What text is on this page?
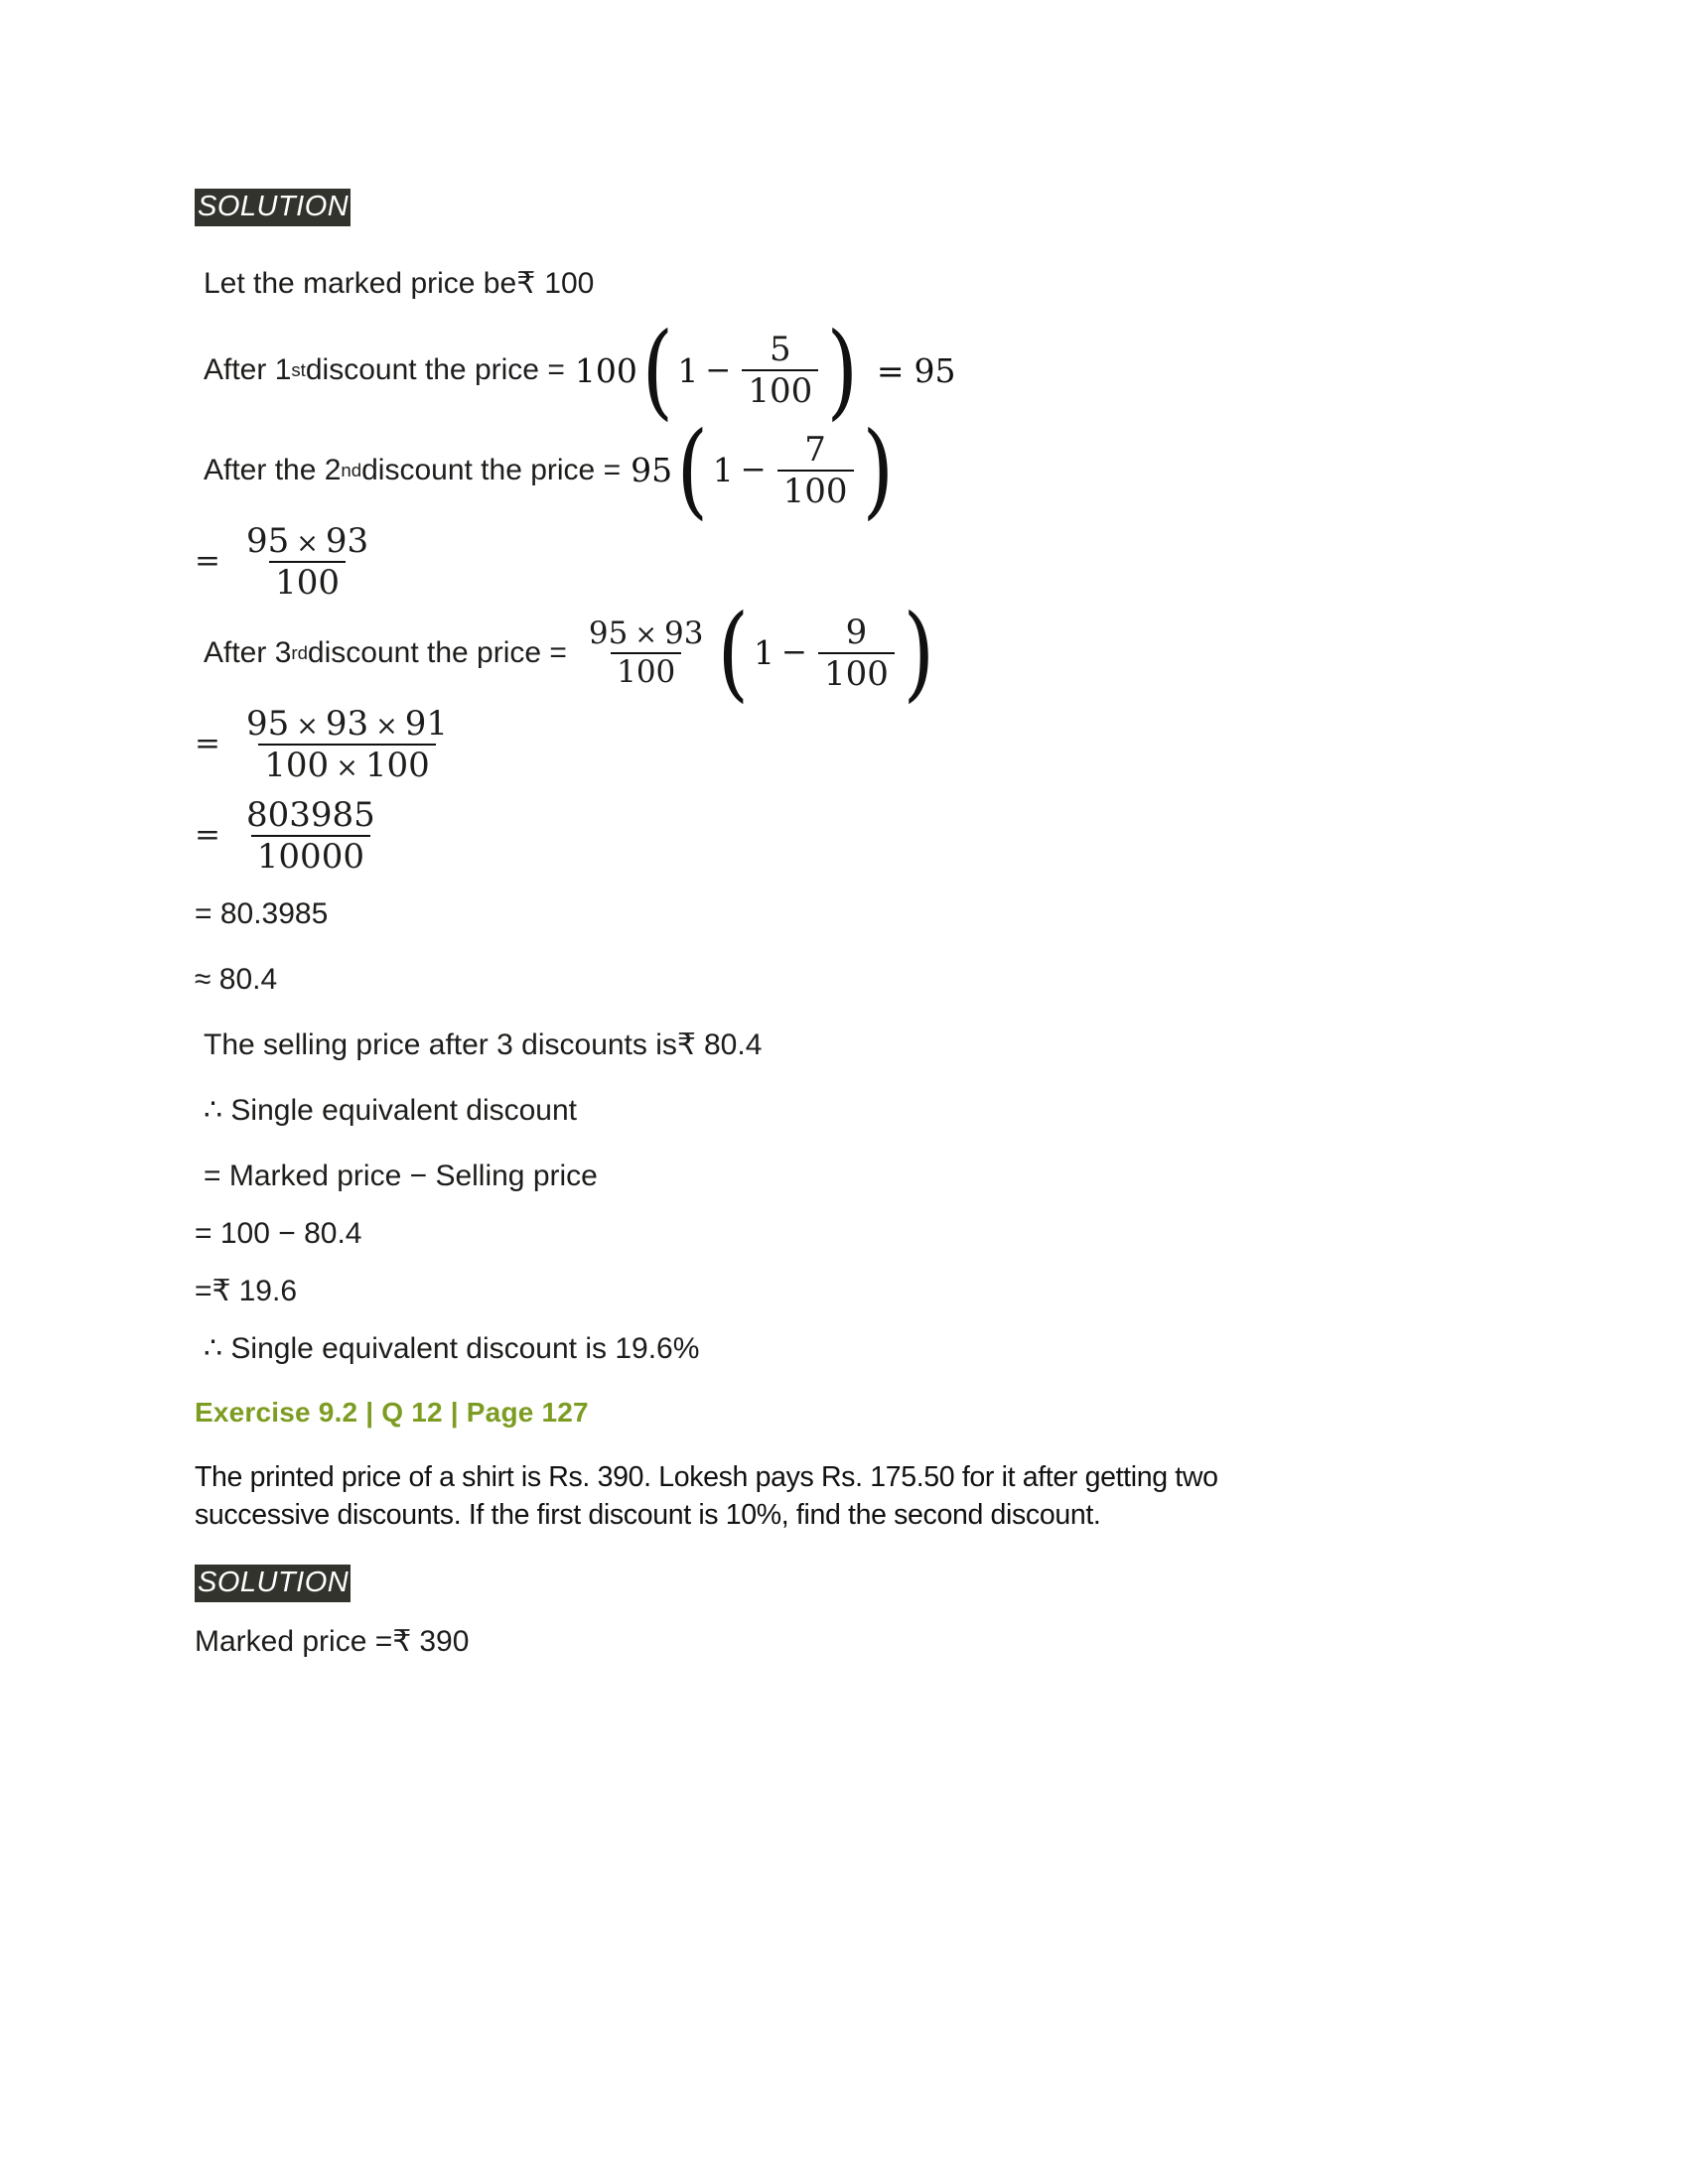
SOLUTION
Let the marked price be ₹ 100
After 1 st discount the price = 100 ( $1 - \frac{5}{100}$ ) = 95
After the 2 nd discount the price = 95 ( $1 - \frac{7}{100}$ )
= $\frac{95 \times 93}{100}$
After 3 rd discount the price = $\frac{95 \times 93}{100}$ ( $1 - \frac{9}{100}$ )
= $\frac{95 \times 93 \times 91}{100 \times 100}$
= $\frac{803985}{10000}$
= 80.3985
≈ 80.4
The selling price after 3 discounts is ₹ 80.4
∴ Single equivalent discount
= Marked price − Selling price
= 100 − 80.4
= ₹ 19.6
∴ Single equivalent discount is 19.6%
Exercise 9.2 | Q 12 | Page 127
The printed price of a shirt is Rs. 390. Lokesh pays Rs. 175.50 for it after getting two
successive discounts. If the first discount is 10%, find the second discount.
SOLUTION
Marked price = ₹ 390
